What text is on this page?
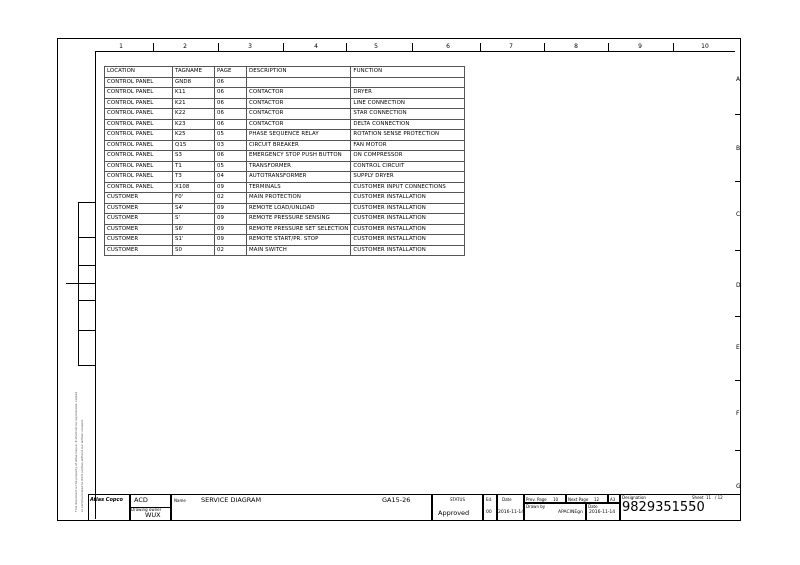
1	2	3	4	5	6	7	8	9	10
A
B
C
D
E
F
G
This document is the property of Atlas Copco. It shall not be reproduced, copied or communicated to third parties without our written consent.
LOCATION	TAGNAME	PAGE	DESCRIPTION	FUNCTION
CONTROL PANEL	GND8	06		
CONTROL PANEL	K11	06	CONTACTOR	DRYER
CONTROL PANEL	K21	06	CONTACTOR	LINE CONNECTION
CONTROL PANEL	K22	06	CONTACTOR	STAR CONNECTION
CONTROL PANEL	K23	06	CONTACTOR	DELTA CONNECTION
CONTROL PANEL	K25	05	PHASE SEQUENCE RELAY	ROTATION SENSE PROTECTION
CONTROL PANEL	Q15	03	CIRCUIT BREAKER	FAN MOTOR
CONTROL PANEL	S3	06	EMERGENCY STOP PUSH BUTTON	ON COMPRESSOR
CONTROL PANEL	T1	05	TRANSFORMER	CONTROL CIRCUIT
CONTROL PANEL	T3	04	AUTOTRANSFORMER	SUPPLY DRYER
CONTROL PANEL	X108	09	TERMINALS	CUSTOMER INPUT CONNECTIONS
CUSTOMER	F0'	02	MAIN PROTECTION	CUSTOMER INSTALLATION
CUSTOMER	S4'	09	REMOTE LOAD/UNLOAD	CUSTOMER INSTALLATION
CUSTOMER	S'	09	REMOTE PRESSURE SENSING	CUSTOMER INSTALLATION
CUSTOMER	S6'	09	REMOTE PRESSURE SET SELECTION	CUSTOMER INSTALLATION
CUSTOMER	S1'	09	REMOTE START/PR. STOP	CUSTOMER INSTALLATION
CUSTOMER	S0	02	MAIN SWITCH	CUSTOMER INSTALLATION
Atlas Copco ACD
Drawing owner
WUX
Name SERVICE DIAGRAM	GA15-26	STATUS
Approved
Ed.
00
Date
2016-11-14
Prev. Page 10 Next Page 12	A3
Drawn by
APACINEgn
Date
2016-11-14
Designation	Sheet 11 / 12
9829351550
